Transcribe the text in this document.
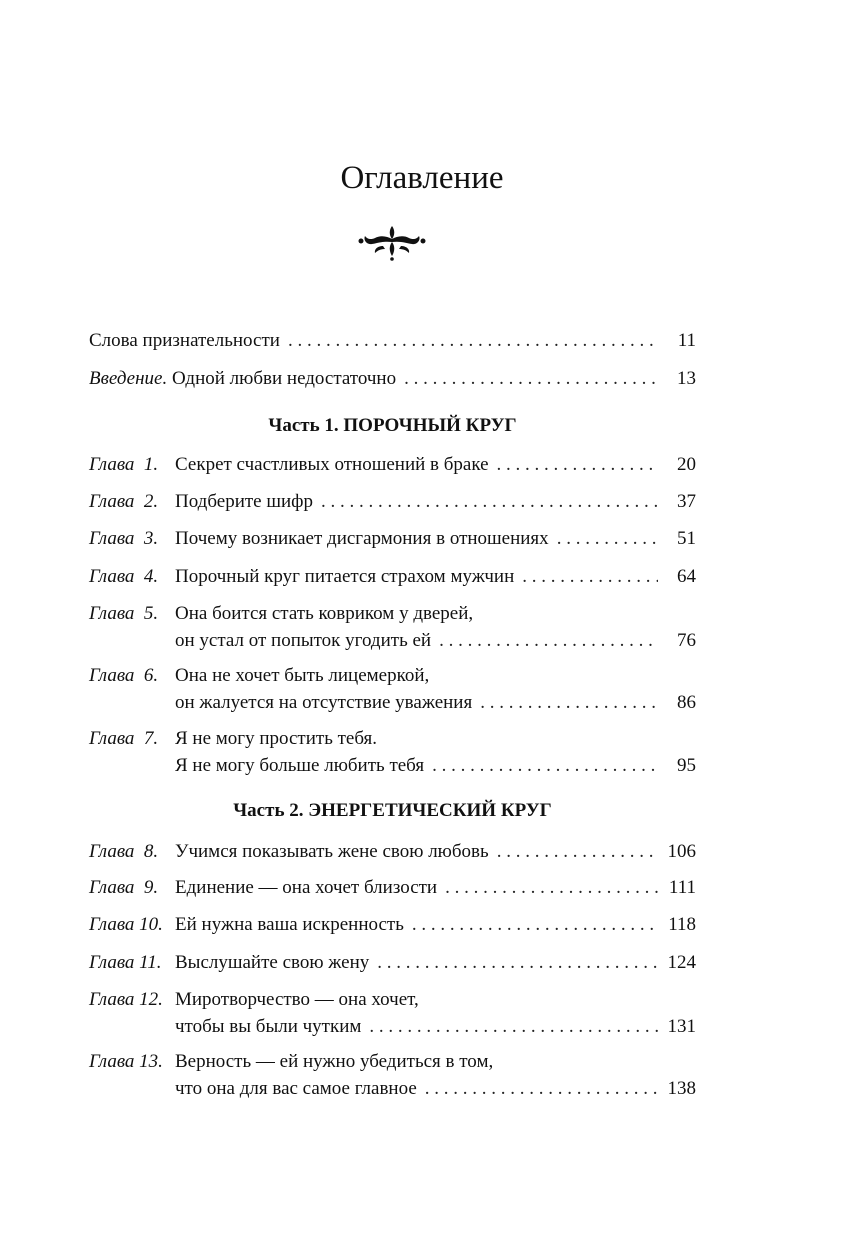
Оглавление
Слова признательности . . .	11
Введение. Одной любви недостаточно . . .	13
Часть 1. ПОРОЧНЫЙ КРУГ
Глава  1. Секрет счастливых отношений в браке . . .	20
Глава  2. Подберите шифр . . .	37
Глава  3. Почему возникает дисгармония в отношениях . . .	51
Глава  4. Порочный круг питается страхом мужчин . . .	64
Глава  5. Она боится стать ковриком у дверей,
он устал от попыток угодить ей . . .	76
Глава  6. Она не хочет быть лицемеркой,
он жалуется на отсутствие уважения . . .	86
Глава  7. Я не могу простить тебя.
Я не могу больше любить тебя . . .	95
Часть 2. ЭНЕРГЕТИЧЕСКИЙ КРУГ
Глава  8. Учимся показывать жене свою любовь . . .	106
Глава  9. Единение — она хочет близости . . .	111
Глава 10. Ей нужна ваша искренность . . .	118
Глава 11. Выслушайте свою жену . . .	124
Глава 12. Миротворчество — она хочет,
чтобы вы были чутким . . .	131
Глава 13. Верность — ей нужно убедиться в том,
что она для вас самое главное . . .	138
